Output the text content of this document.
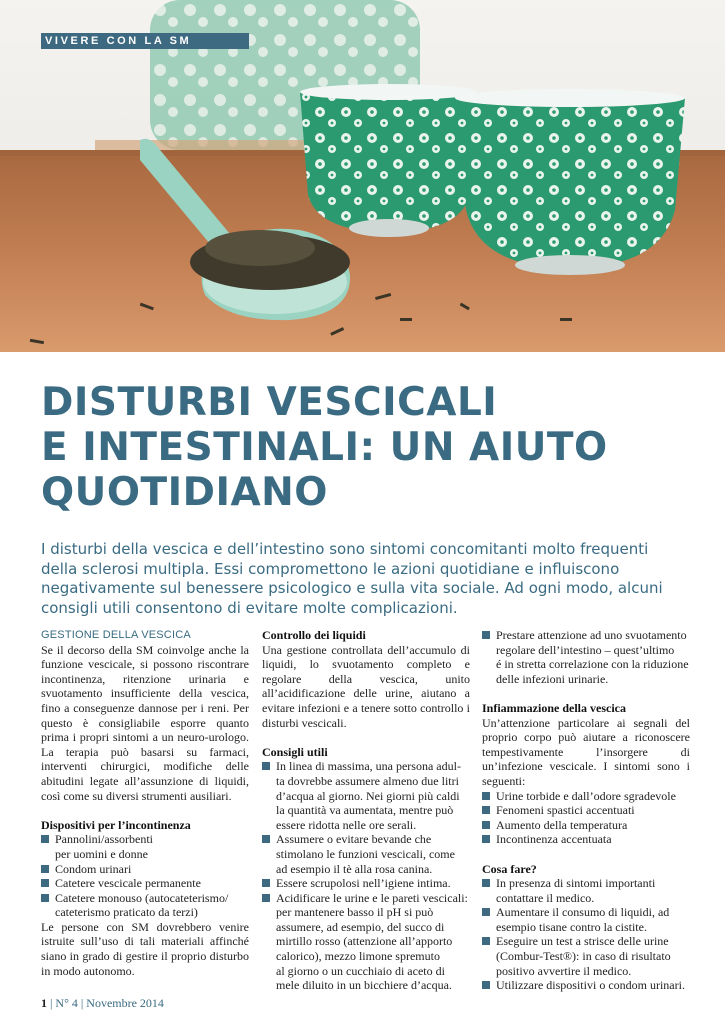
VIVERE CON LA SM
DISTURBI VESCICALI
E INTESTINALI: UN AIUTO
QUOTIDIANO

I disturbi della vescica e dell’intestino sono sintomi concomitanti molto frequenti della sclerosi multipla. Essi compromettono le azioni quotidiane e influiscono negativamente sul benessere psicologico e sulla vita sociale. Ad ogni modo, alcuni consigli utili consentono di evitare molte complicazioni.

GESTIONE DELLA VESCICA

Se il decorso della SM coinvolge anche la funzione vescicale, si possono riscontrare incontinenza, ritenzione urinaria e svuotamento insufficiente della vescica, fino a conseguenze dannose per i reni. Per questo è consigliabile esporre quanto prima i propri sintomi a un neuro-urologo. La terapia può basarsi su farmaci, interventi chirurgici, modifiche delle abitudini legate all’assunzione di liquidi, così come su diversi strumenti ausiliari.

Dispositivi per l’incontinenza
Pannolini/assorbenti
per uomini e donne
Condom urinari
Catetere vescicale permanente
Catetere monouso (autocateterismo/
cateterismo praticato da terzi)

Le persone con SM dovrebbero venire istruite sull’uso di tali materiali affinché siano in grado di gestire il proprio disturbo in modo autonomo.

Controllo dei liquidi

Una gestione controllata dell’accumulo di liquidi, lo svuotamento completo e regolare della vescica, unito all’acidificazione delle urine, aiutano a evitare infezioni e a tenere sotto controllo i disturbi vescicali.

Consigli utili
In linea di massima, una persona adul-
ta dovrebbe assumere almeno due litri
d’acqua al giorno. Nei giorni più caldi
la quantità va aumentata, mentre può
essere ridotta nelle ore serali.
Assumere o evitare bevande che
stimolano le funzioni vescicali, come
ad esempio il tè alla rosa canina.
Essere scrupolosi nell’igiene intima.
Acidificare le urine e le pareti vescicali:
per mantenere basso il pH si può
assumere, ad esempio, del succo di
mirtillo rosso (attenzione all’apporto
calorico), mezzo limone spremuto
al giorno o un cucchiaio di aceto di
mele diluito in un bicchiere d’acqua.
Prestare attenzione ad uno svuotamento
regolare dell’intestino – quest’ultimo
é in stretta correlazione con la riduzione
delle infezioni urinarie.
Infiammazione della vescica

Un’attenzione particolare ai segnali del proprio corpo può aiutare a riconoscere tempestivamente l’insorgere di un’infezione vescicale. I sintomi sono i seguenti:

Urine torbide e dall’odore sgradevole
Fenomeni spastici accentuati
Aumento della temperatura
Incontinenza accentuata
Cosa fare?
In presenza di sintomi importanti
contattare il medico.
Aumentare il consumo di liquidi, ad
esempio tisane contro la cistite.
Eseguire un test a strisce delle urine
(Combur-Test®): in caso di risultato
positivo avvertire il medico.
Utilizzare dispositivi o condom urinari.
1 | N° 4 | Novembre 2014
